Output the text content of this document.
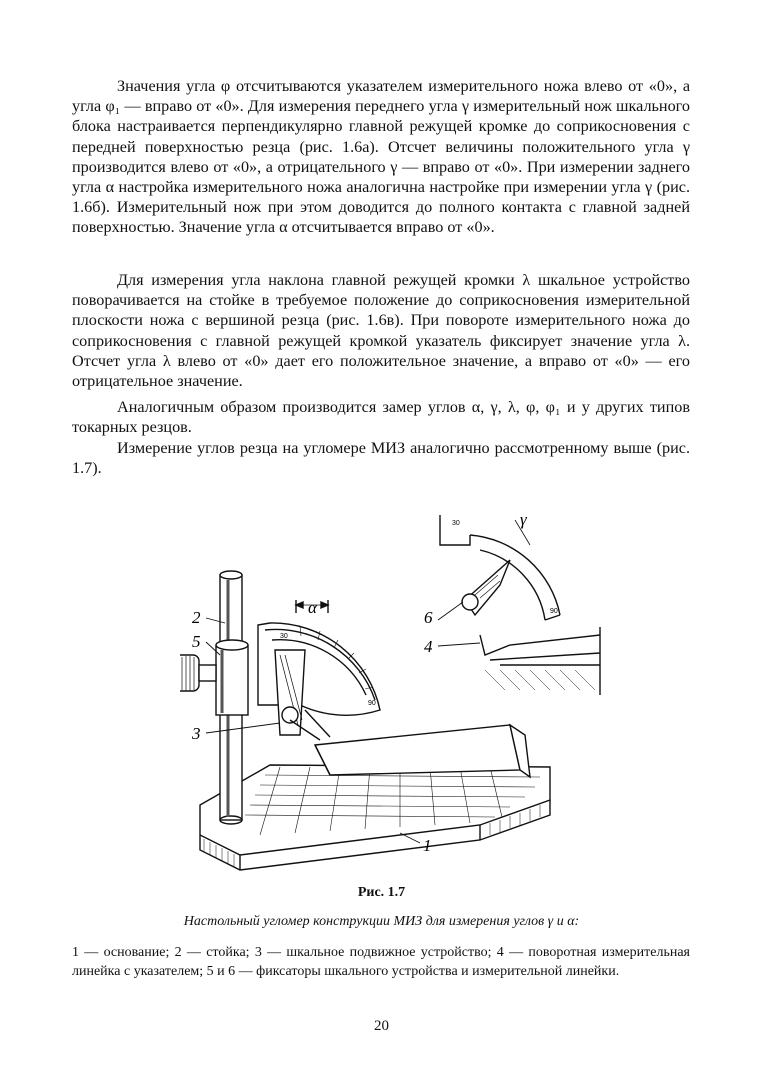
Значения угла φ отсчитываются указателем измерительного ножа влево от «0», а угла φ₁ — вправо от «0». Для измерения переднего угла γ измерительный нож шкального блока настраивается перпендикулярно главной режущей кромке до соприкосновения с передней поверхностью резца (рис. 1.6а). Отсчет величины положительного угла γ производится влево от «0», а отрицательного γ — вправо от «0». При измерении заднего угла α настройка измерительного ножа аналогична настройке при измерении угла γ (рис. 1.6б). Измерительный нож при этом доводится до полного контакта с главной задней поверхностью. Значение угла α отсчитывается вправо от «0».

Для измерения угла наклона главной режущей кромки λ шкальное устройство поворачивается на стойке в требуемое положение до соприкосновения измерительной плоскости ножа с вершиной резца (рис. 1.6в). При повороте измерительного ножа до соприкосновения с главной режущей кромкой указатель фиксирует значение угла λ. Отсчет угла λ влево от «0» дает его положительное значение, а вправо от «0» — его отрицательное значение.

Аналогичным образом производится замер углов α, γ, λ, φ, φ₁ и у других типов токарных резцов.

Измерение углов резца на угломере МИЗ аналогично рассмотренному выше (рис. 1.7).

2
5
3
1
6
4
α
γ
30
90
30
90
Рис. 1.7
Настольный угломер конструкции МИЗ для измерения углов γ и α:
1 — основание; 2 — стойка; 3 — шкальное подвижное устройство; 4 — поворотная измерительная линейка с указателем; 5 и 6 — фиксаторы шкального устройства и измерительной линейки.
20
